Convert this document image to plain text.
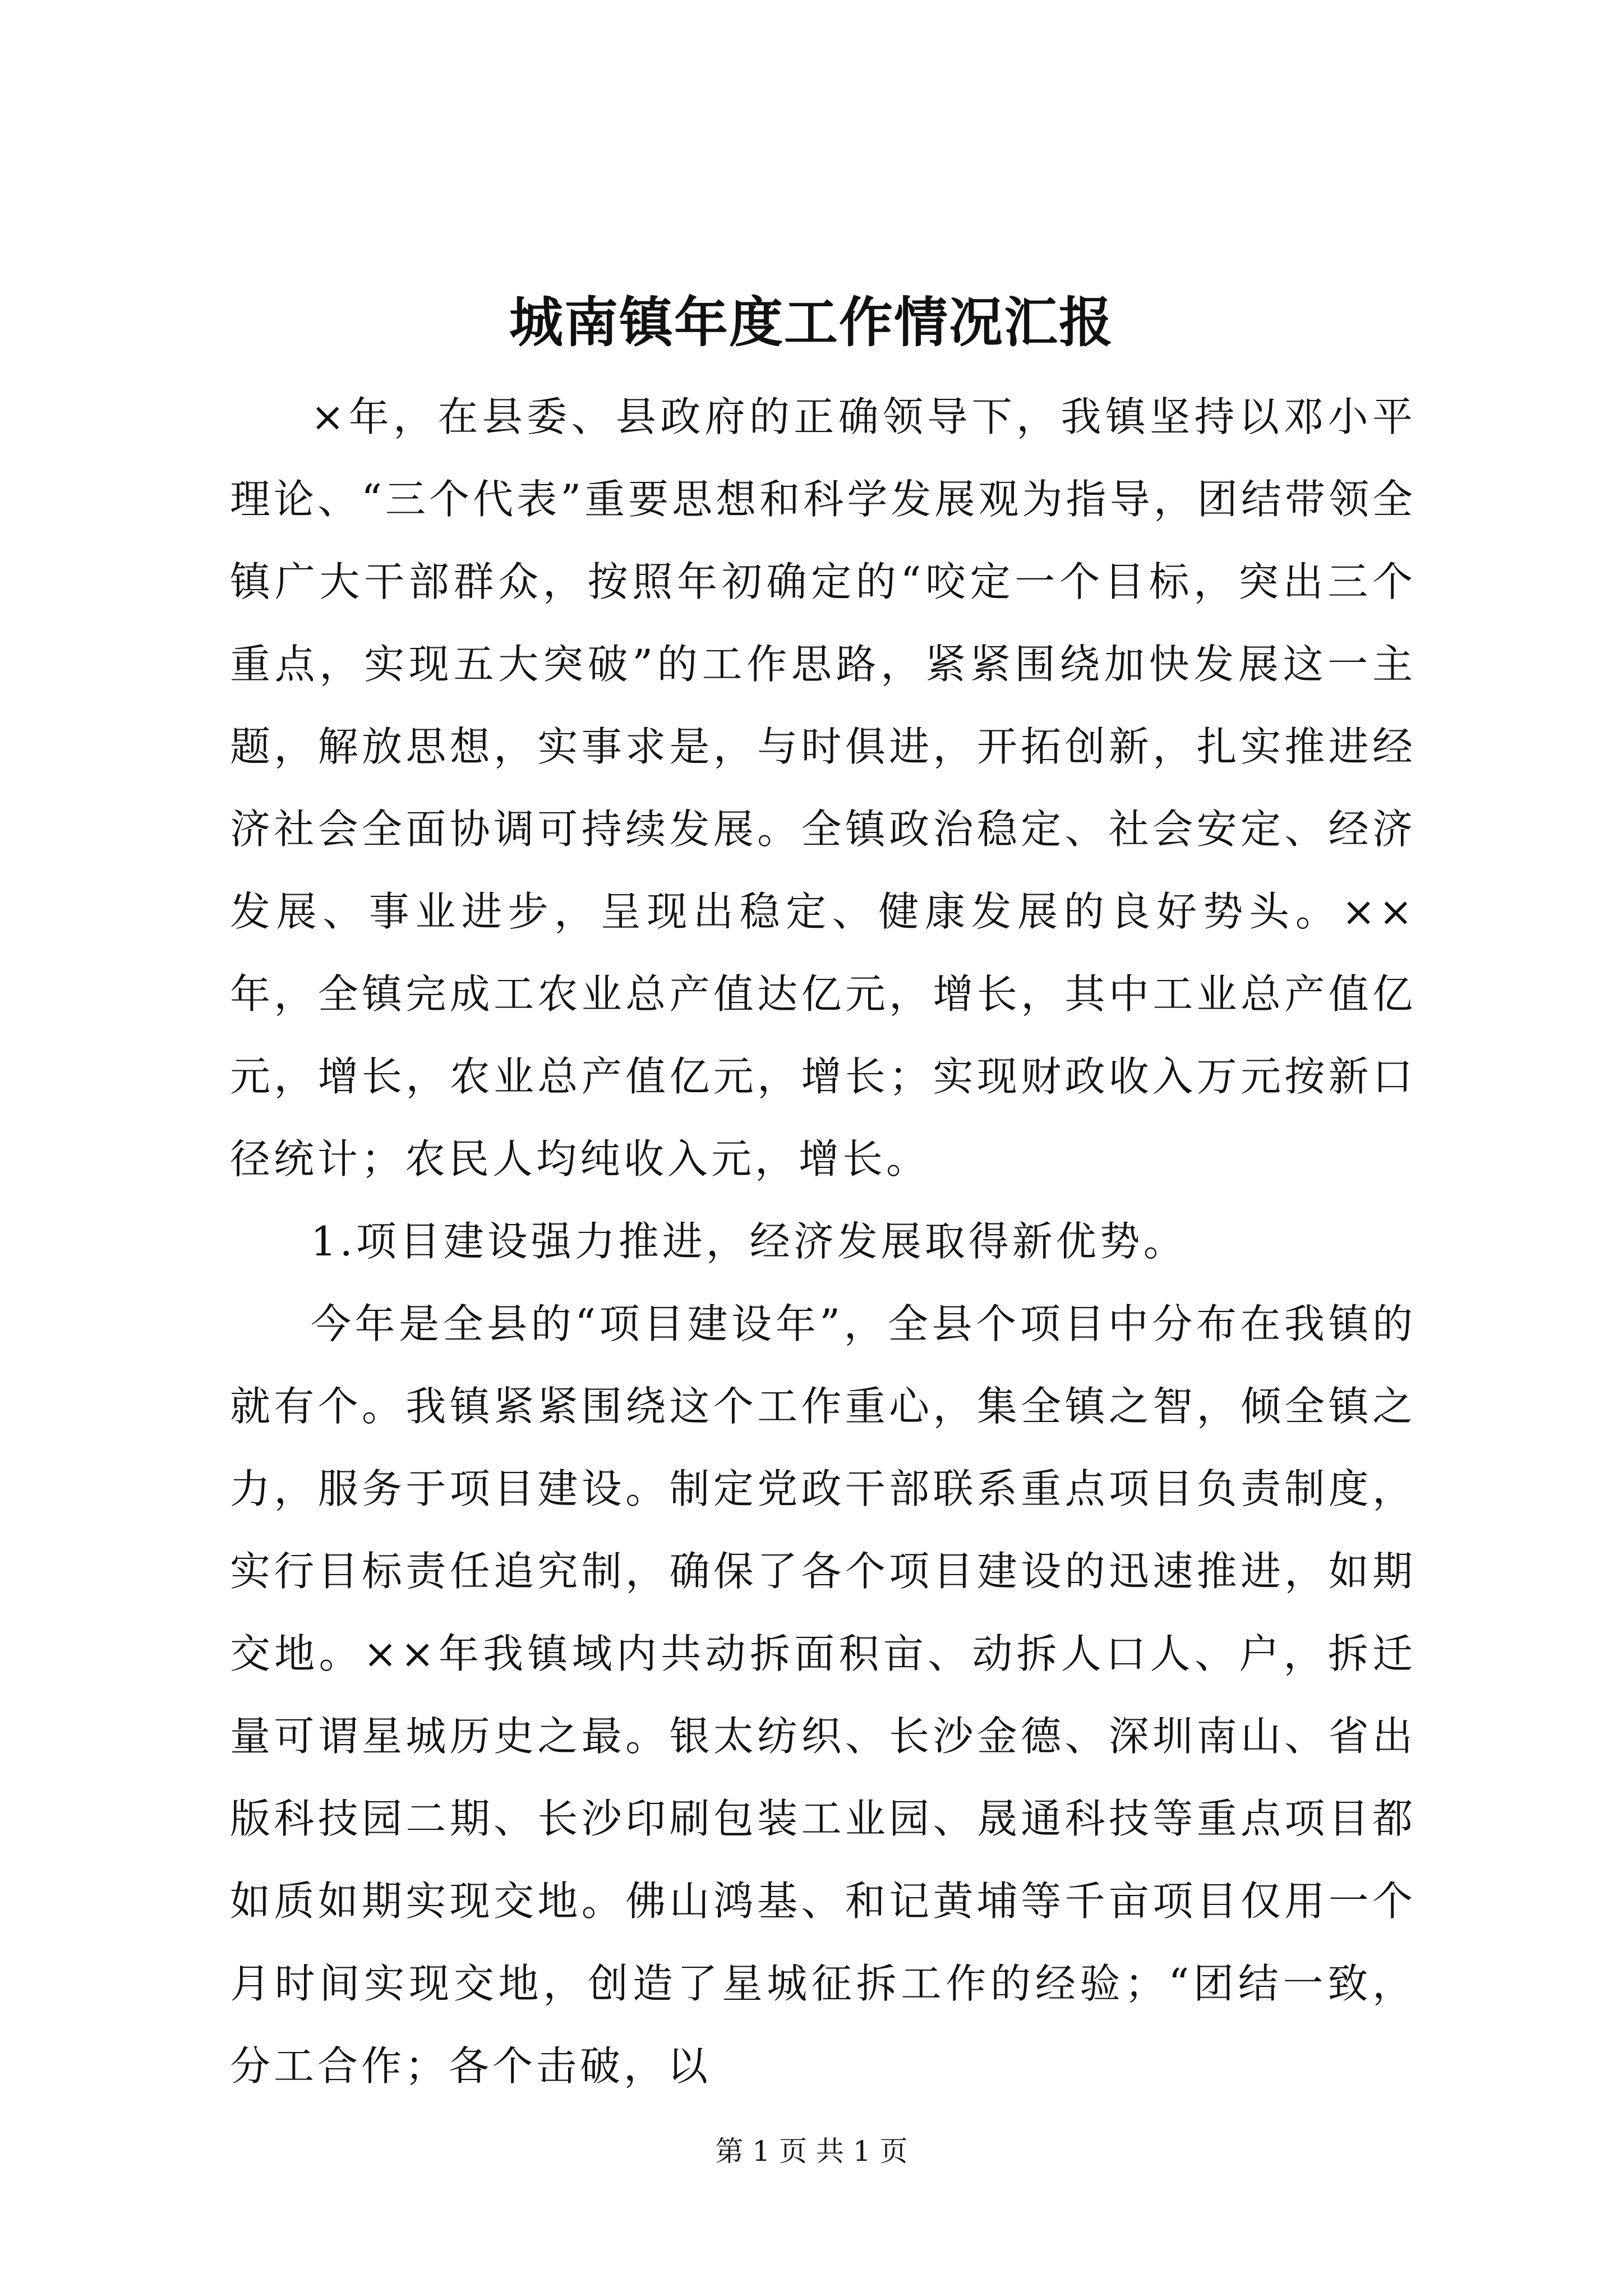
城南镇年度工作情况汇报

×年，在县委、县政府的正确领导下，我镇坚持以邓小平理论、“三个代表”重要思想和科学发展观为指导，团结带领全镇广大干部群众，按照年初确定的“咬定一个目标，突出三个重点，实现五大突破”的工作思路，紧紧围绕加快发展这一主题，解放思想，实事求是，与时俱进，开拓创新，扎实推进经济社会全面协调可持续发展。全镇政治稳定、社会安定、经济发展、事业进步，呈现出稳定、健康发展的良好势头。××年，全镇完成工农业总产值达亿元，增长，其中工业总产值亿元，增长，农业总产值亿元，增长；实现财政收入万元按新口径统计；农民人均纯收入元，增长。

1.项目建设强力推进，经济发展取得新优势。

今年是全县的“项目建设年”，全县个项目中分布在我镇的就有个。我镇紧紧围绕这个工作重心，集全镇之智，倾全镇之力，服务于项目建设。制定党政干部联系重点项目负责制度，实行目标责任追究制，确保了各个项目建设的迅速推进，如期交地。××年我镇域内共动拆面积亩、动拆人口人、户，拆迁量可谓星城历史之最。银太纺织、长沙金德、深圳南山、省出版科技园二期、长沙印刷包装工业园、晟通科技等重点项目都如质如期实现交地。佛山鸿基、和记黄埔等千亩项目仅用一个月时间实现交地，创造了星城征拆工作的经验；“团结一致，分工合作；各个击破，以

第 1 页 共 1 页
